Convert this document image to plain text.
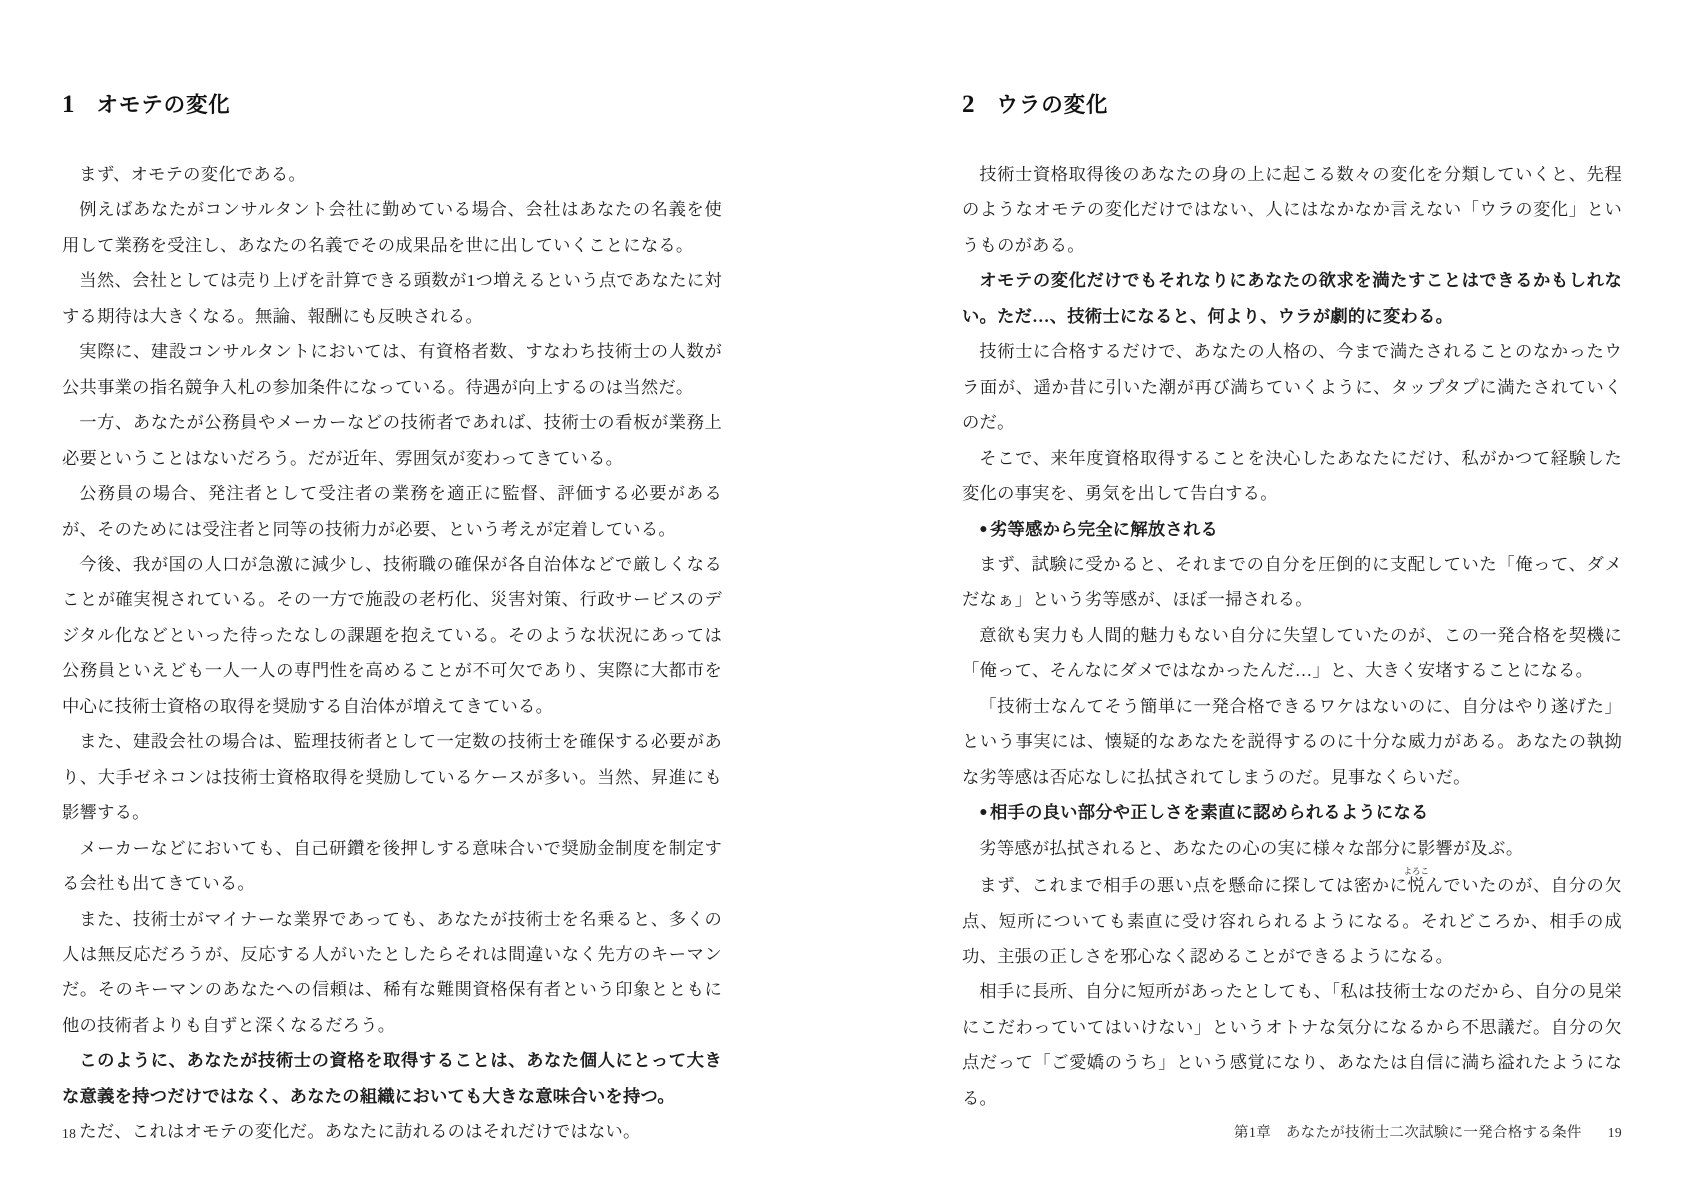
1 オモテの変化

まず、オモテの変化である。

例えばあなたがコンサルタント会社に勤めている場合、会社はあなたの名義を使用して業務を受注し、あなたの名義でその成果品を世に出していくことになる。

当然、会社としては売り上げを計算できる頭数が1つ増えるという点であなたに対する期待は大きくなる。無論、報酬にも反映される。

実際に、建設コンサルタントにおいては、有資格者数、すなわち技術士の人数が公共事業の指名競争入札の参加条件になっている。待遇が向上するのは当然だ。

一方、あなたが公務員やメーカーなどの技術者であれば、技術士の看板が業務上必要ということはないだろう。だが近年、雰囲気が変わってきている。

公務員の場合、発注者として受注者の業務を適正に監督、評価する必要があるが、そのためには受注者と同等の技術力が必要、という考えが定着している。

今後、我が国の人口が急激に減少し、技術職の確保が各自治体などで厳しくなることが確実視されている。その一方で施設の老朽化、災害対策、行政サービスのデジタル化などといった待ったなしの課題を抱えている。そのような状況にあっては公務員といえども一人一人の専門性を高めることが不可欠であり、実際に大都市を中心に技術士資格の取得を奨励する自治体が増えてきている。

また、建設会社の場合は、監理技術者として一定数の技術士を確保する必要があり、大手ゼネコンは技術士資格取得を奨励しているケースが多い。当然、昇進にも影響する。

メーカーなどにおいても、自己研鑽を後押しする意味合いで奨励金制度を制定する会社も出てきている。

また、技術士がマイナーな業界であっても、あなたが技術士を名乗ると、多くの人は無反応だろうが、反応する人がいたとしたらそれは間違いなく先方のキーマンだ。そのキーマンのあなたへの信頼は、稀有な難関資格保有者という印象とともに他の技術者よりも自ずと深くなるだろう。

このように、あなたが技術士の資格を取得することは、あなた個人にとって大きな意義を持つだけではなく、あなたの組織においても大きな意味合いを持つ。

ただ、これはオモテの変化だ。あなたに訪れるのはそれだけではない。

18
2 ウラの変化

技術士資格取得後のあなたの身の上に起こる数々の変化を分類していくと、先程のようなオモテの変化だけではない、人にはなかなか言えない「ウラの変化」というものがある。

オモテの変化だけでもそれなりにあなたの欲求を満たすことはできるかもしれない。ただ…、技術士になると、何より、ウラが劇的に変わる。

技術士に合格するだけで、あなたの人格の、今まで満たされることのなかったウラ面が、遥か昔に引いた潮が再び満ちていくように、タップタプに満たされていくのだ。

そこで、来年度資格取得することを決心したあなたにだけ、私がかつて経験した変化の事実を、勇気を出して告白する。

● 劣等感から完全に解放される

まず、試験に受かると、それまでの自分を圧倒的に支配していた「俺って、ダメだなぁ」という劣等感が、ほぼ一掃される。

意欲も実力も人間的魅力もない自分に失望していたのが、この一発合格を契機に「俺って、そんなにダメではなかったんだ…」と、大きく安堵することになる。

「技術士なんてそう簡単に一発合格できるワケはないのに、自分はやり遂げた」という事実には、懐疑的なあなたを説得するのに十分な威力がある。あなたの執拗な劣等感は否応なしに払拭されてしまうのだ。見事なくらいだ。

● 相手の良い部分や正しさを素直に認められるようになる

劣等感が払拭されると、あなたの心の実に様々な部分に影響が及ぶ。

まず、これまで相手の悪い点を懸命に探しては密かに悦よろこんでいたのが、自分の欠点、短所についても素直に受け容れられるようになる。それどころか、相手の成功、主張の正しさを邪心なく認めることができるようになる。

相手に長所、自分に短所があったとしても、「私は技術士なのだから、自分の見栄にこだわっていてはいけない」というオトナな気分になるから不思議だ。自分の欠点だって「ご愛嬌のうち」という感覚になり、あなたは自信に満ち溢れたようになる。

第1章　あなたが技術士二次試験に一発合格する条件 19
